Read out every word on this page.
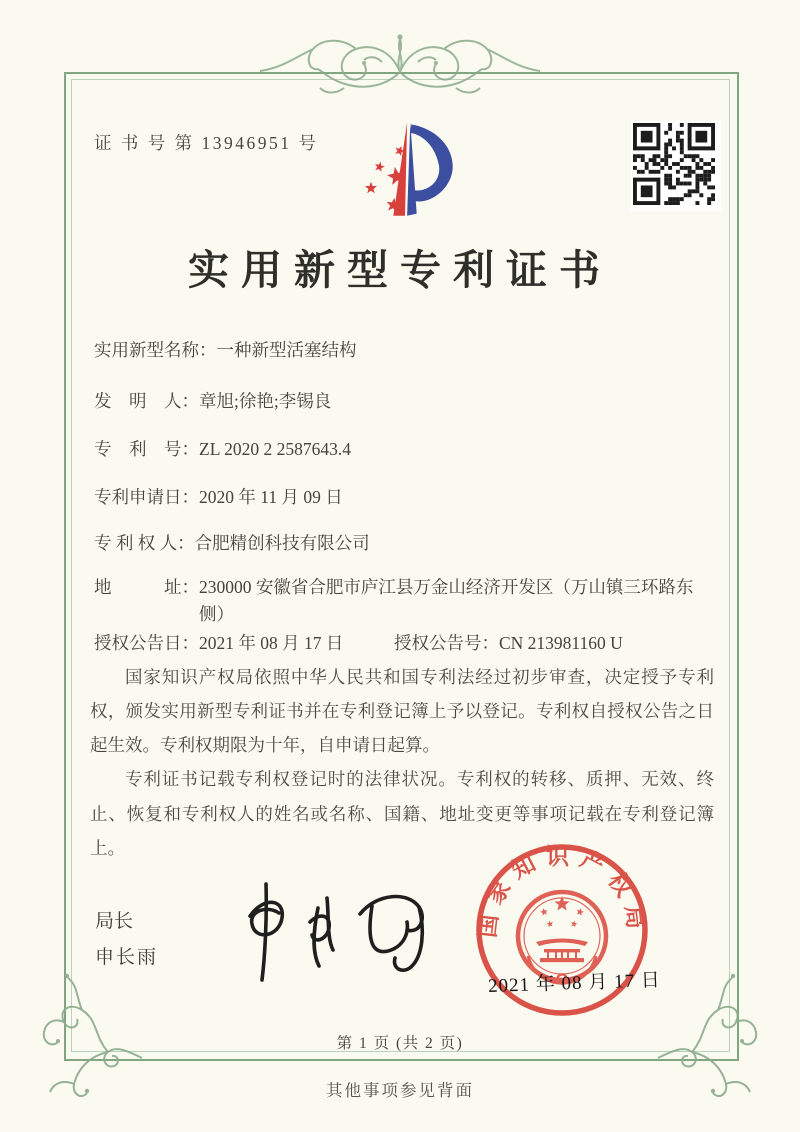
证 书 号 第 13946951 号
实用新型专利证书
实用新型名称：一种新型活塞结构
发　明　人：章旭;徐艳;李锡良
专　利　号：ZL 2020 2 2587643.4
专利申请日：2020 年 11 月 09 日
专 利 权 人：合肥精创科技有限公司
地　　　址： 230000 安徽省合肥市庐江县万金山经济开发区（万山镇三环路东侧）
授权公告日：2021 年 08 月 17 日	授权公告号：CN 213981160 U

国家知识产权局依照中华人民共和国专利法经过初步审查，决定授予专利权，颁发实用新型专利证书并在专利登记簿上予以登记。专利权自授权公告之日起生效。专利权期限为十年，自申请日起算。

专利证书记载专利权登记时的法律状况。专利权的转移、质押、无效、终止、恢复和专利权人的姓名或名称、国籍、地址变更等事项记载在专利登记簿上。

局长
申长雨
国家知识产权局
2021 年 08 月 17 日
第 1 页 (共 2 页)
其他事项参见背面
